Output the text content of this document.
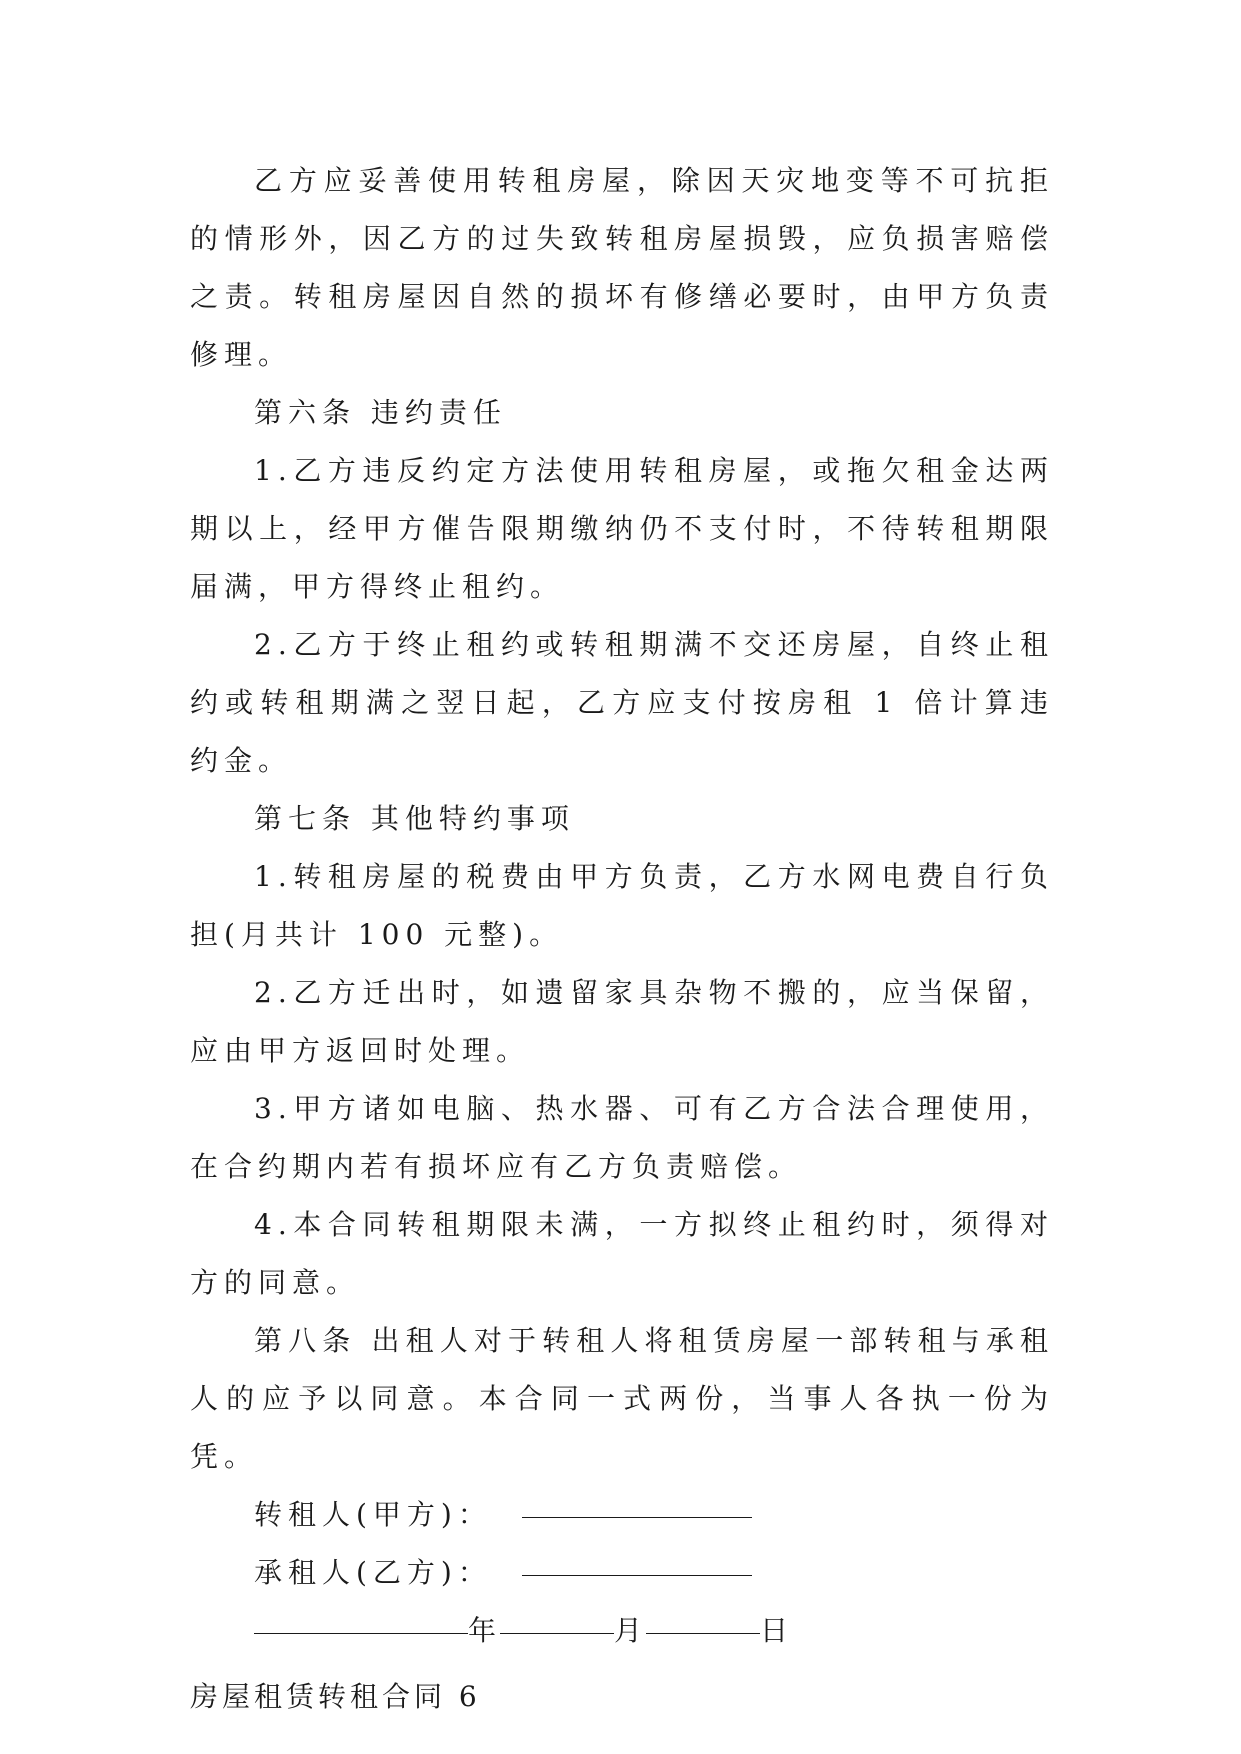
乙方应妥善使用转租房屋，除因天灾地变等不可抗拒的情形外，因乙方的过失致转租房屋损毁，应负损害赔偿之责。转租房屋因自然的损坏有修缮必要时，由甲方负责修理。

第六条 违约责任

1.乙方违反约定方法使用转租房屋，或拖欠租金达两期以上，经甲方催告限期缴纳仍不支付时，不待转租期限届满，甲方得终止租约。

2.乙方于终止租约或转租期满不交还房屋，自终止租约或转租期满之翌日起，乙方应支付按房租 1 倍计算违约金。

第七条 其他特约事项

1.转租房屋的税费由甲方负责，乙方水网电费自行负担(月共计 100 元整)。

2.乙方迁出时，如遗留家具杂物不搬的，应当保留，应由甲方返回时处理。

3.甲方诸如电脑、热水器、可有乙方合法合理使用，在合约期内若有损坏应有乙方负责赔偿。

4.本合同转租期限未满，一方拟终止租约时，须得对方的同意。

第八条 出租人对于转租人将租赁房屋一部转租与承租人的应予以同意。本合同一式两份，当事人各执一份为凭。

转租人(甲方)：
承租人(乙方)：
年	月	日
房屋租赁转租合同 6
